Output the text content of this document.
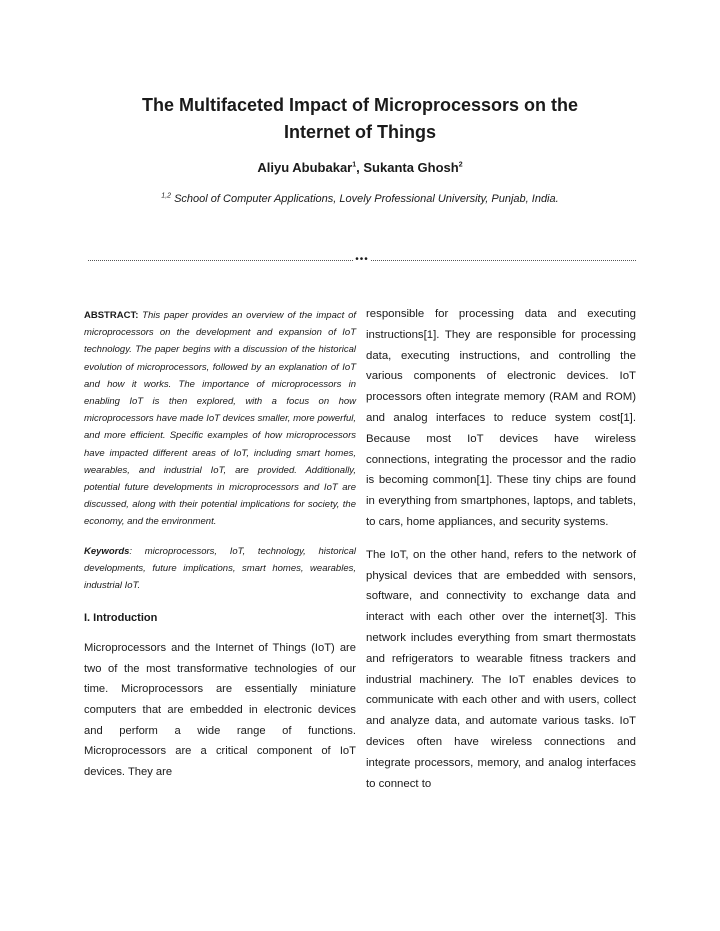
The Multifaceted Impact of Microprocessors on the
Internet of Things
Aliyu Abubakar$^1$, Sukanta Ghosh$^2$
$^{1,2}$ School of Computer Applications, Lovely Professional University, Punjab, India.
•••

ABSTRACT: This paper provides an overview of the impact of microprocessors on the development and expansion of IoT technology. The paper begins with a discussion of the historical evolution of microprocessors, followed by an explanation of IoT and how it works. The importance of microprocessors in enabling IoT is then explored, with a focus on how microprocessors have made IoT devices smaller, more powerful, and more efficient. Specific examples of how microprocessors have impacted different areas of IoT, including smart homes, wearables, and industrial IoT, are provided. Additionally, potential future developments in microprocessors and IoT are discussed, along with their potential implications for society, the economy, and the environment.

Keywords: microprocessors, IoT, technology, historical developments, future implications, smart homes, wearables, industrial IoT.

I. Introduction

Microprocessors and the Internet of Things (IoT) are two of the most transformative technologies of our time. Microprocessors are essentially miniature computers that are embedded in electronic devices and perform a wide range of functions. Microprocessors are a critical component of IoT devices. They are

responsible for processing data and executing instructions[1]. They are responsible for processing data, executing instructions, and controlling the various components of electronic devices. IoT processors often integrate memory (RAM and ROM) and analog interfaces to reduce system cost[1]. Because most IoT devices have wireless connections, integrating the processor and the radio is becoming common[1]. These tiny chips are found in everything from smartphones, laptops, and tablets, to cars, home appliances, and security systems.

The IoT, on the other hand, refers to the network of physical devices that are embedded with sensors, software, and connectivity to exchange data and interact with each other over the internet[3]. This network includes everything from smart thermostats and refrigerators to wearable fitness trackers and industrial machinery. The IoT enables devices to communicate with each other and with users, collect and analyze data, and automate various tasks. IoT devices often have wireless connections and integrate processors, memory, and analog interfaces to connect to
